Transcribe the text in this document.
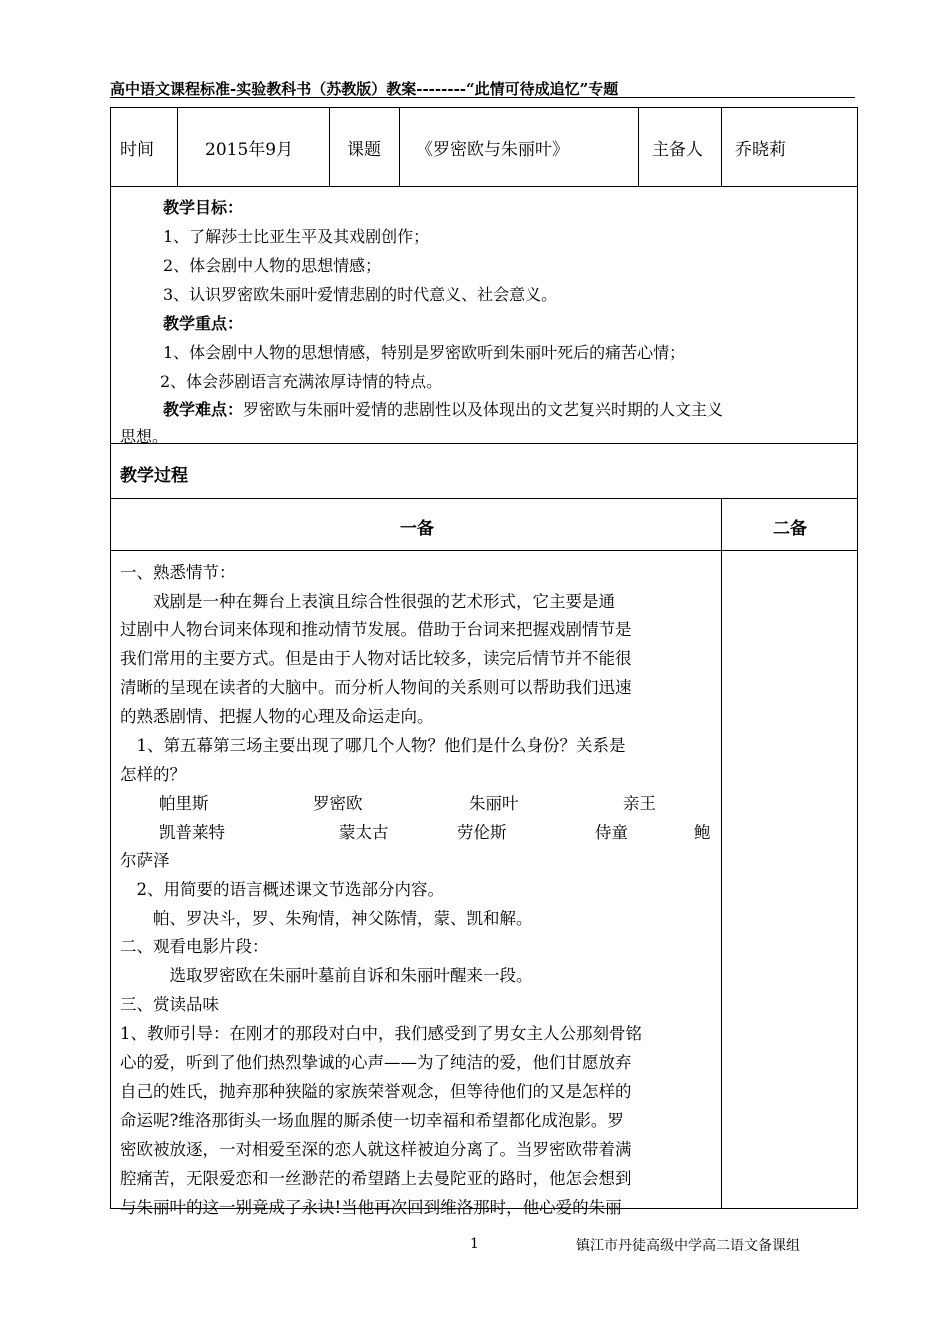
高中语文课程标准-实验教科书（苏教版）教案--------“此情可待成追忆”专题
时间	2015年9月	课题 《罗密欧与朱丽叶》	主备人 乔晓莉
教学目标：
1、了解莎士比亚生平及其戏剧创作；
2、体会剧中人物的思想情感；
3、认识罗密欧朱丽叶爱情悲剧的时代意义、社会意义。
教学重点：
1、体会剧中人物的思想情感，特别是罗密欧听到朱丽叶死后的痛苦心情；
2、体会莎剧语言充满浓厚诗情的特点。
教学难点：罗密欧与朱丽叶爱情的悲剧性以及体现出的文艺复兴时期的人文主义
思想。
教学过程
一备	二备
一、熟悉情节：
　　戏剧是一种在舞台上表演且综合性很强的艺术形式，它主要是通
过剧中人物台词来体现和推动情节发展。借助于台词来把握戏剧情节是
我们常用的主要方式。但是由于人物对话比较多，读完后情节并不能很
清晰的呈现在读者的大脑中。而分析人物间的关系则可以帮助我们迅速
的熟悉剧情、把握人物的心理及命运走向。
　1、第五幕第三场主要出现了哪几个人物？他们是什么身份？关系是
怎样的？
帕里斯	罗密欧	朱丽叶	亲王
凯普莱特	蒙太古	劳伦斯	侍童	鲍
尔萨泽
　2、用简要的语言概述课文节选部分内容。
　　帕、罗决斗，罗、朱殉情，神父陈情，蒙、凯和解。
二、观看电影片段：
　　　选取罗密欧在朱丽叶墓前自诉和朱丽叶醒来一段。
三、赏读品味
1、教师引导：在刚才的那段对白中，我们感受到了男女主人公那刻骨铭
心的爱，听到了他们热烈挚诚的心声——为了纯洁的爱，他们甘愿放弃
自己的姓氏，抛弃那种狭隘的家族荣誉观念，但等待他们的又是怎样的
命运呢?维洛那街头一场血腥的厮杀使一切幸福和希望都化成泡影。罗
密欧被放逐，一对相爱至深的恋人就这样被迫分离了。当罗密欧带着满
腔痛苦，无限爱恋和一丝渺茫的希望踏上去曼陀亚的路时，他怎会想到
与朱丽叶的这一别竟成了永诀!当他再次回到维洛那时，他心爱的朱丽
1	镇江市丹徒高级中学高二语文备课组
